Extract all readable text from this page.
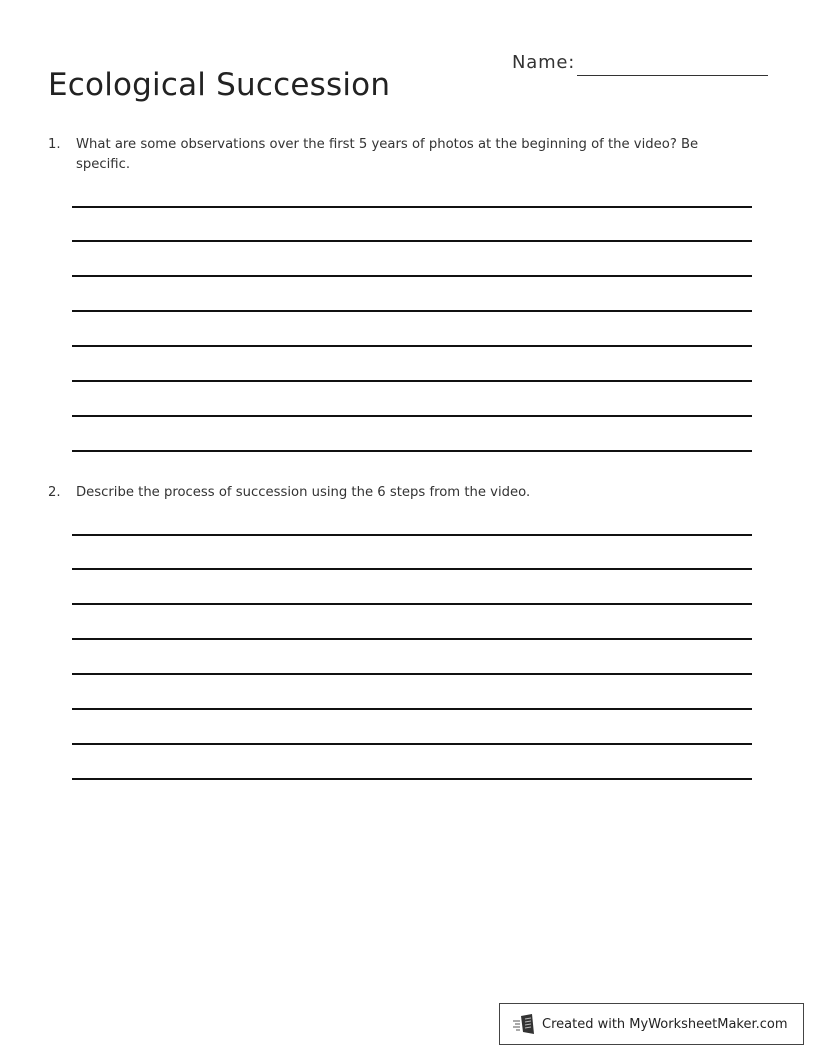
Ecological Succession
Name:
1.	What are some observations over the first 5 years of photos at the beginning of the video? Be specific.
2.	Describe the process of succession using the 6 steps from the video.
Created with MyWorksheetMaker.com
